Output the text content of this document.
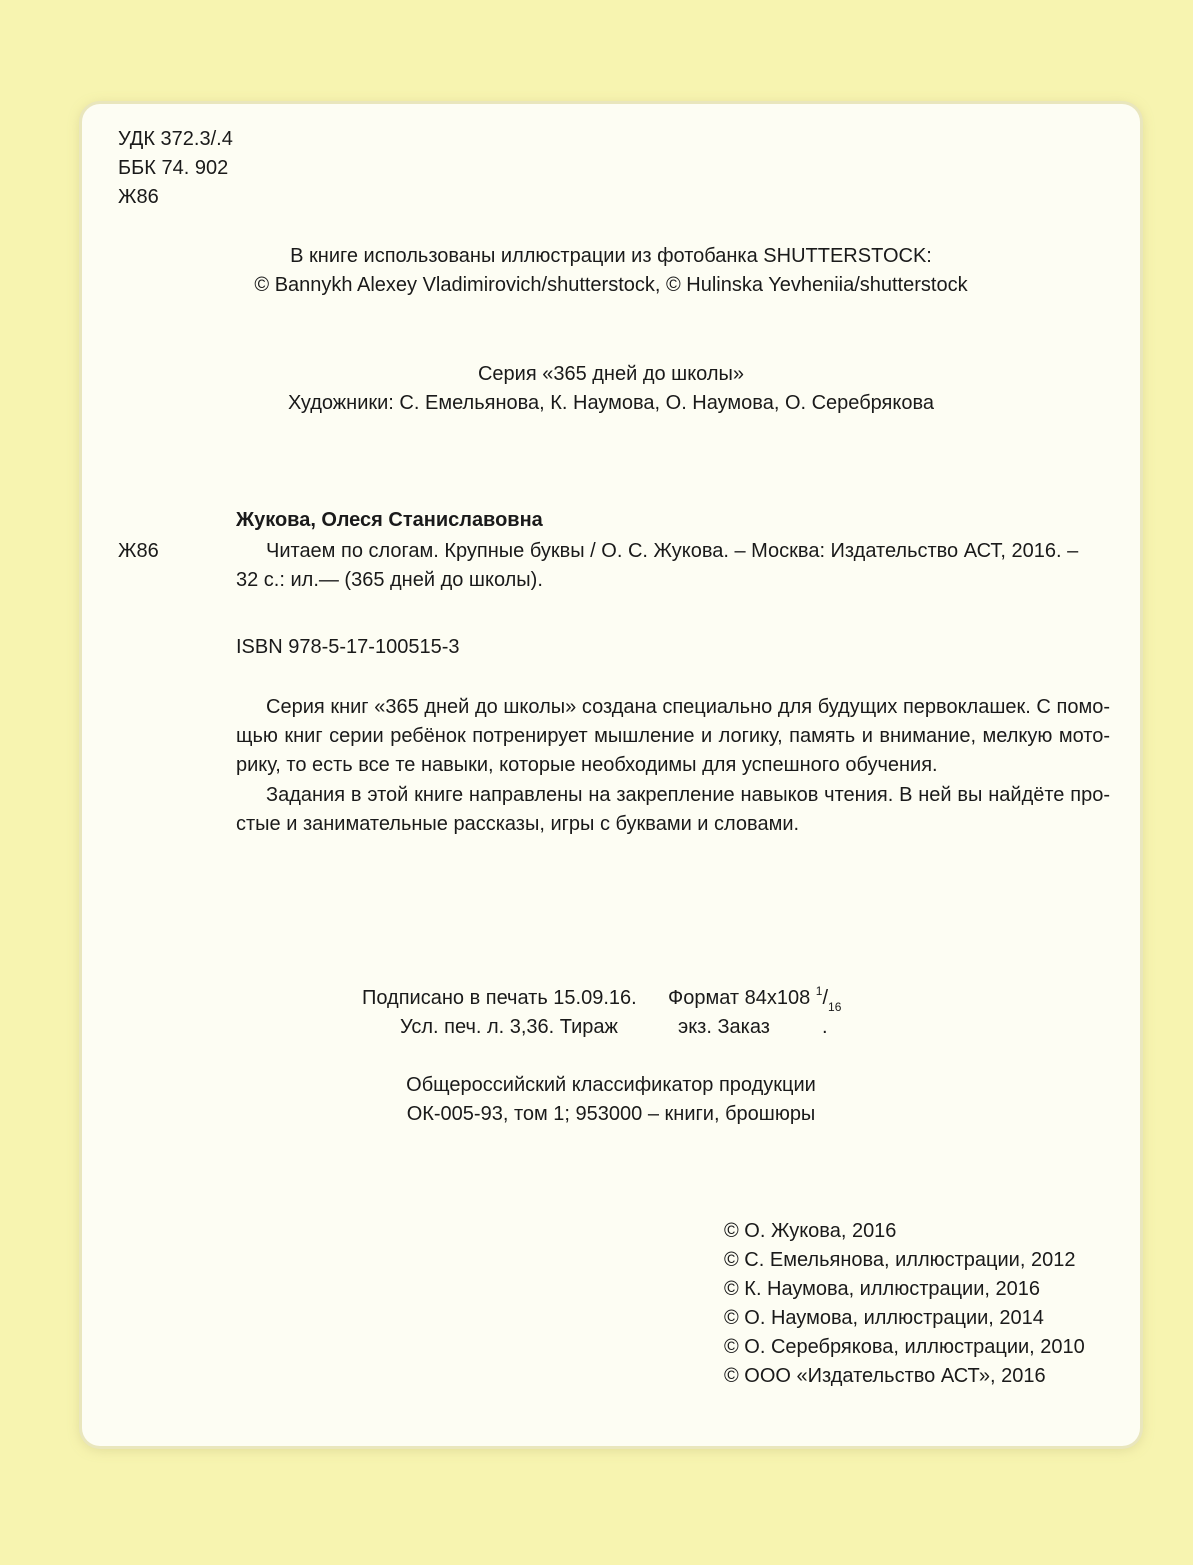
УДК 372.3/.4
ББК 74. 902
Ж86
В книге использованы иллюстрации из фотобанка SHUTTERSTOCK:
© Bannykh Alexey Vladimirovich/shutterstock, © Hulinska Yevheniia/shutterstock
Серия «365 дней до школы»
Художники: С. Емельянова, К. Наумова, О. Наумова, О. Серебрякова
Жукова, Олеся Станиславовна
Ж86	Читаем по слогам. Крупные буквы / О. С. Жукова. – Москва: Издательство АСТ, 2016. –
32 с.: ил.— (365 дней до школы).
ISBN 978-5-17-100515-3
Серия книг «365 дней до школы» создана специально для будущих первоклашек. С помо-
щью книг серии ребёнок потренирует мышление и логику, память и внимание, мелкую мото-
рику, то есть все те навыки, которые необходимы для успешного обучения.
Задания в этой книге направлены на закрепление навыков чтения. В ней вы найдёте про-
стые и занимательные рассказы, игры с буквами и словами.
Подписано в печать 15.09.16. Формат 84x108 $^1/_{16}$
Усл. печ. л. 3,36. Тираж	экз. Заказ	.
Общероссийский классификатор продукции
ОК-005-93, том 1; 953000 – книги, брошюры
© О. Жукова, 2016
© С. Емельянова, иллюстрации, 2012
© К. Наумова, иллюстрации, 2016
© О. Наумова, иллюстрации, 2014
© О. Серебрякова, иллюстрации, 2010
© ООО «Издательство АСТ», 2016
